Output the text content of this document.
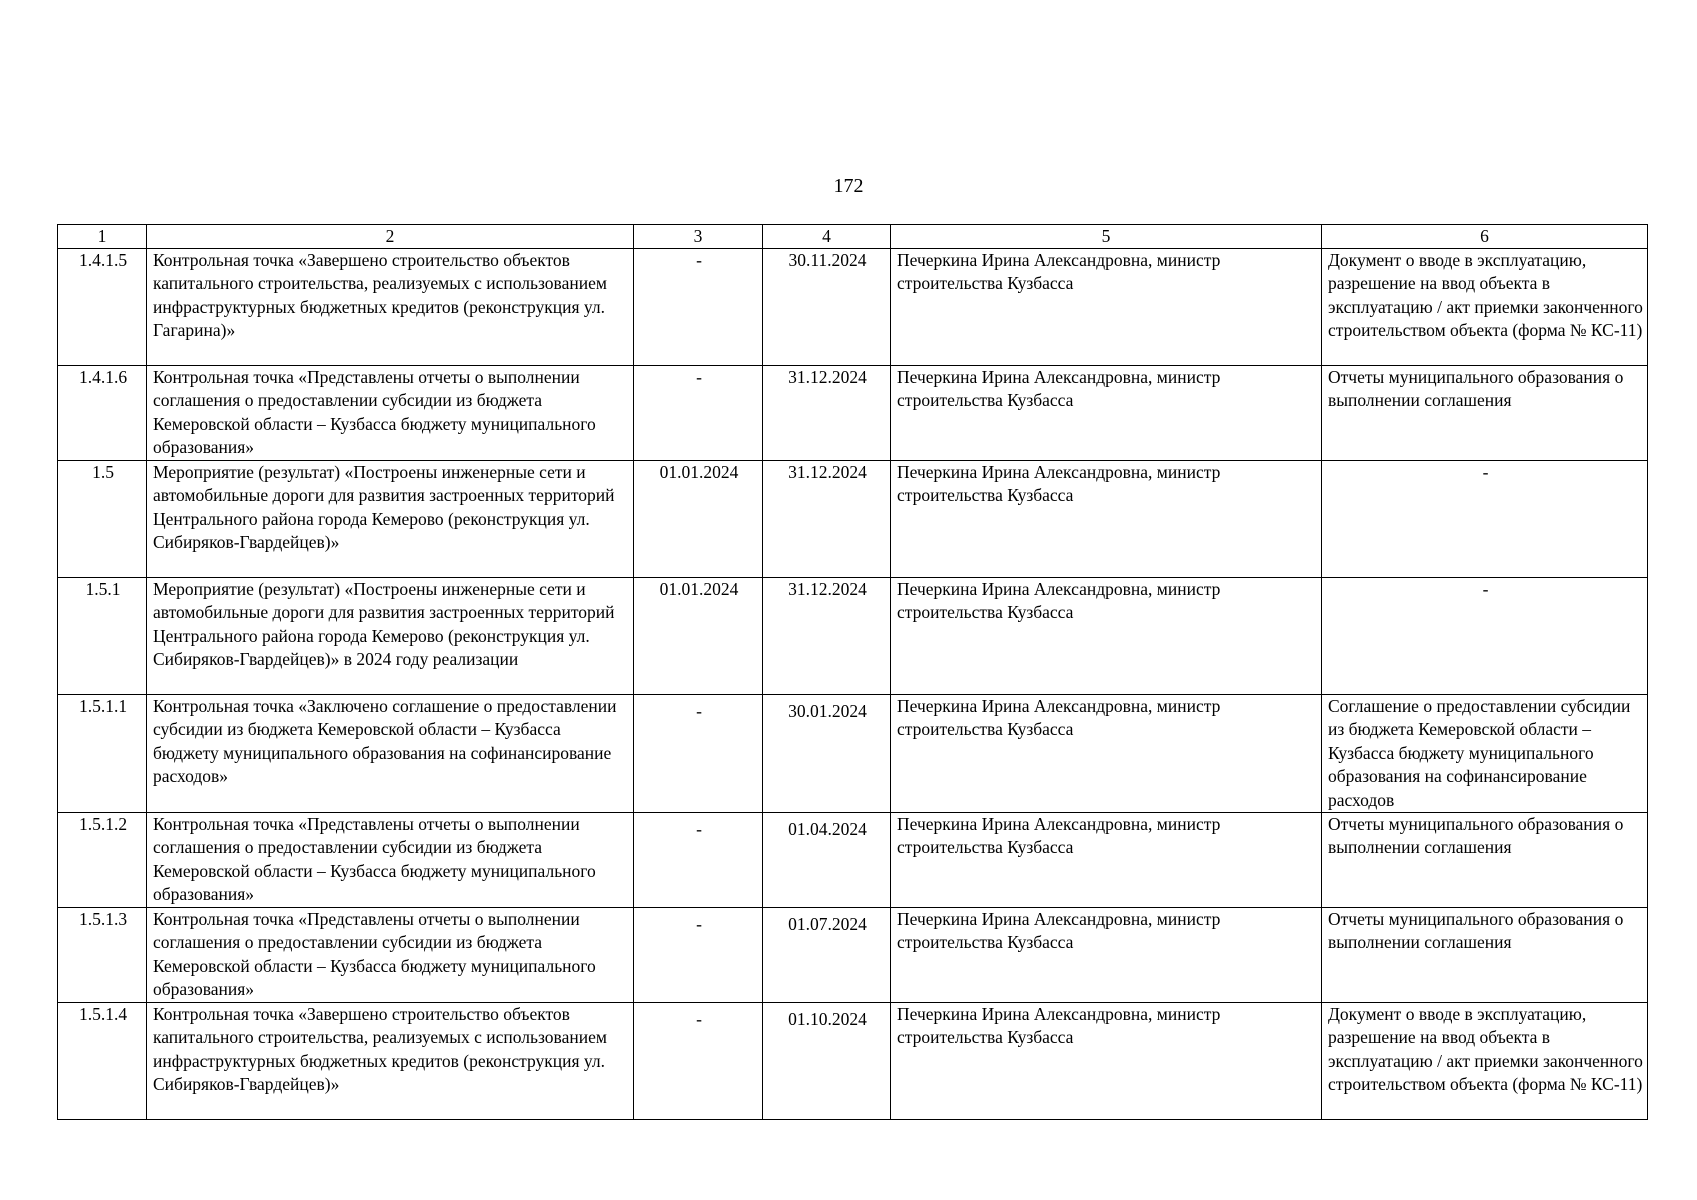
172
1	2	3	4	5	6
1.4.1.5	Контрольная точка «Завершено строительство объектов капитального строительства, реализуемых с использованием инфраструктурных бюджетных кредитов (реконструкция ул. Гагарина)»	-	30.11.2024	Печеркина Ирина Александровна, министр строительства Кузбасса	Документ о вводе в эксплуатацию, разрешение на ввод объекта в эксплуатацию / акт приемки законченного строительством объекта (форма № КС-11)
1.4.1.6	Контрольная точка «Представлены отчеты о выполнении соглашения о предоставлении субсидии из бюджета Кемеровской области – Кузбасса бюджету муниципального образования»	-	31.12.2024	Печеркина Ирина Александровна, министр строительства Кузбасса	Отчеты муниципального образования о выполнении соглашения
1.5	Мероприятие (результат) «Построены инженерные сети и автомобильные дороги для развития застроенных территорий Центрального района города Кемерово (реконструкция ул. Сибиряков-Гвардейцев)»	01.01.2024	31.12.2024	Печеркина Ирина Александровна, министр строительства Кузбасса	-
1.5.1	Мероприятие (результат) «Построены инженерные сети и автомобильные дороги для развития застроенных территорий Центрального района города Кемерово (реконструкция ул. Сибиряков-Гвардейцев)» в 2024 году реализации	01.01.2024	31.12.2024	Печеркина Ирина Александровна, министр строительства Кузбасса	-
1.5.1.1	Контрольная точка «Заключено соглашение о предоставлении субсидии из бюджета Кемеровской области – Кузбасса бюджету муниципального образования на софинансирование расходов»	-	30.01.2024	Печеркина Ирина Александровна, министр строительства Кузбасса	Соглашение о предоставлении субсидии из бюджета Кемеровской области – Кузбасса бюджету муниципального образования на софинансирование расходов
1.5.1.2	Контрольная точка «Представлены отчеты о выполнении соглашения о предоставлении субсидии из бюджета Кемеровской области – Кузбасса бюджету муниципального образования»	-	01.04.2024	Печеркина Ирина Александровна, министр строительства Кузбасса	Отчеты муниципального образования о выполнении соглашения
1.5.1.3	Контрольная точка «Представлены отчеты о выполнении соглашения о предоставлении субсидии из бюджета Кемеровской области – Кузбасса бюджету муниципального образования»	-	01.07.2024	Печеркина Ирина Александровна, министр строительства Кузбасса	Отчеты муниципального образования о выполнении соглашения
1.5.1.4	Контрольная точка «Завершено строительство объектов капитального строительства, реализуемых с использованием инфраструктурных бюджетных кредитов (реконструкция ул. Сибиряков-Гвардейцев)»	-	01.10.2024	Печеркина Ирина Александровна, министр строительства Кузбасса	Документ о вводе в эксплуатацию, разрешение на ввод объекта в эксплуатацию / акт приемки законченного строительством объекта (форма № КС-11)
